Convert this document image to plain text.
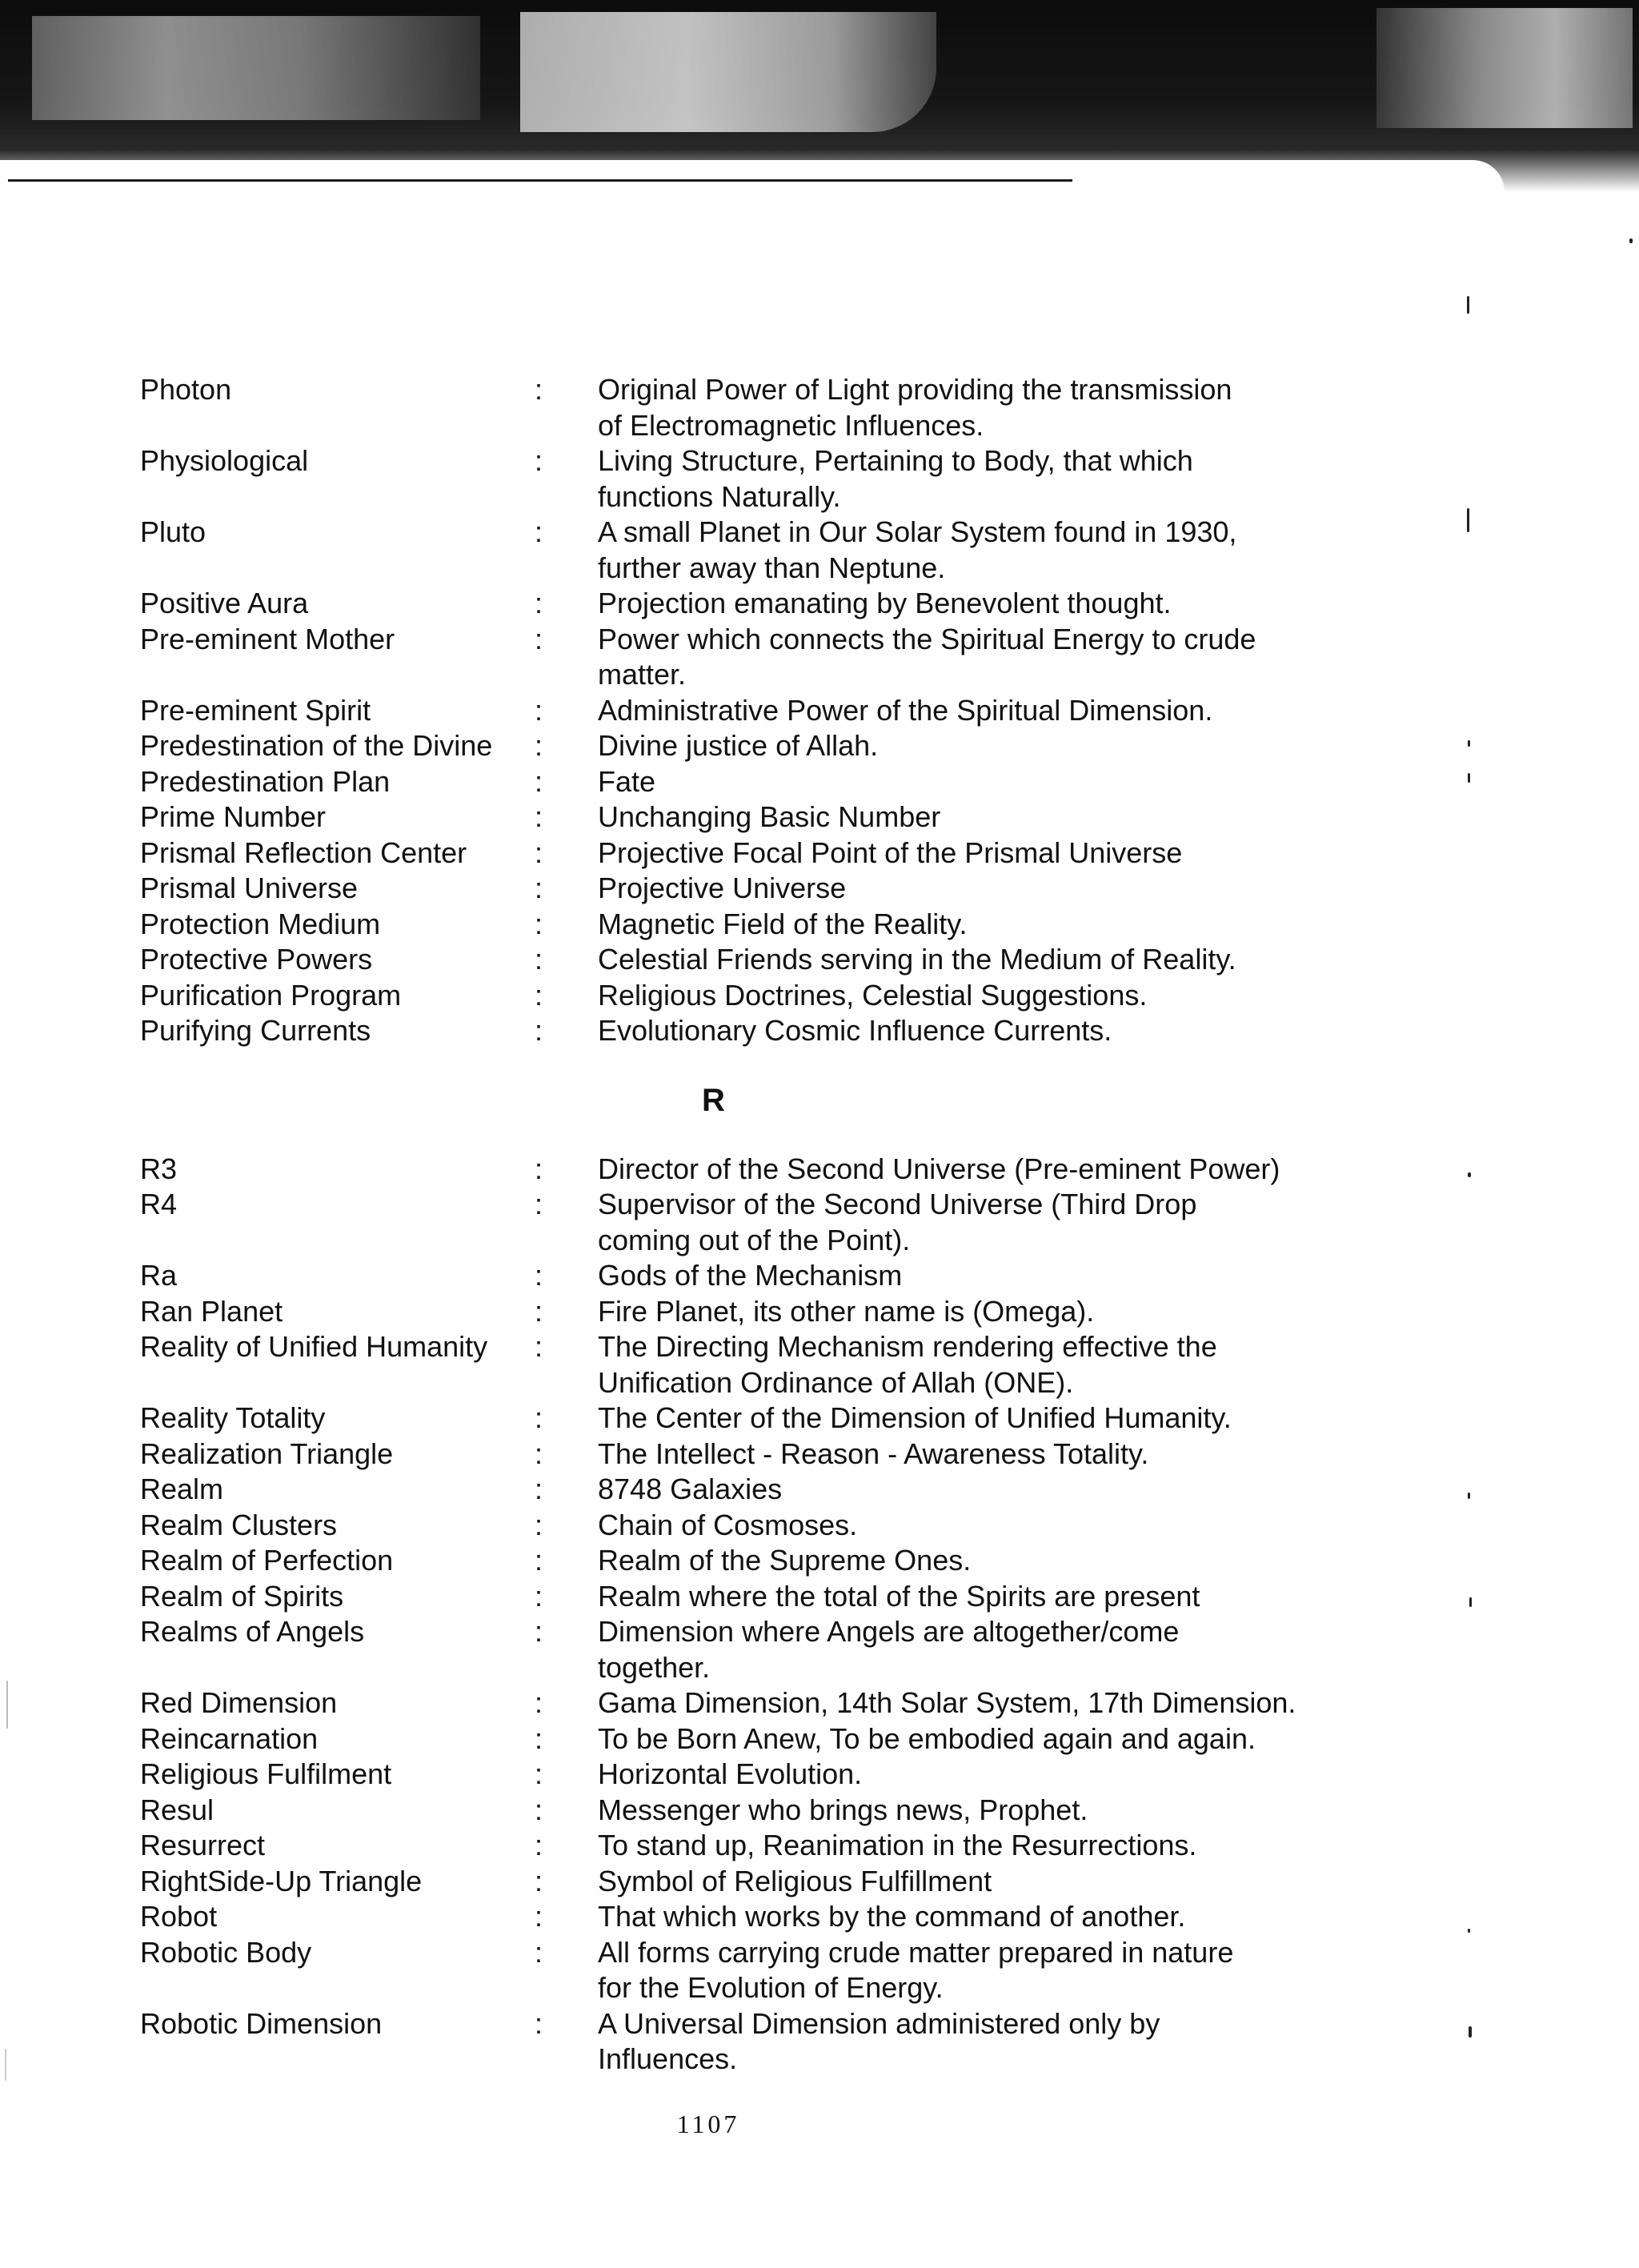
Photon	:	Original Power of Light providing the transmission
of Electromagnetic Influences.
Physiological	:	Living Structure, Pertaining to Body, that which
functions Naturally.
Pluto	:	A small Planet in Our Solar System found in 1930,
further away than Neptune.
Positive Aura	:	Projection emanating by Benevolent thought.
Pre-eminent Mother	:	Power which connects the Spiritual Energy to crude
matter.
Pre-eminent Spirit	:	Administrative Power of the Spiritual Dimension.
Predestination of the Divine	:	Divine justice of Allah.
Predestination Plan	:	Fate
Prime Number	:	Unchanging Basic Number
Prismal Reflection Center	:	Projective Focal Point of the Prismal Universe
Prismal Universe	:	Projective Universe
Protection Medium	:	Magnetic Field of the Reality.
Protective Powers	:	Celestial Friends serving in the Medium of Reality.
Purification Program	:	Religious Doctrines, Celestial Suggestions.
Purifying Currents	:	Evolutionary Cosmic Influence Currents.
R
R3	:	Director of the Second Universe (Pre-eminent Power)
R4	:	Supervisor of the Second Universe (Third Drop
coming out of the Point).
Ra	:	Gods of the Mechanism
Ran Planet	:	Fire Planet, its other name is (Omega).
Reality of Unified Humanity	:	The Directing Mechanism rendering effective the
Unification Ordinance of Allah (ONE).
Reality Totality	:	The Center of the Dimension of Unified Humanity.
Realization Triangle	:	The Intellect - Reason - Awareness Totality.
Realm	:	8748 Galaxies
Realm Clusters	:	Chain of Cosmoses.
Realm of Perfection	:	Realm of the Supreme Ones.
Realm of Spirits	:	Realm where the total of the Spirits are present
Realms of Angels	:	Dimension where Angels are altogether/come
together.
Red Dimension	:	Gama Dimension, 14th Solar System, 17th Dimension.
Reincarnation	:	To be Born Anew, To be embodied again and again.
Religious Fulfilment	:	Horizontal Evolution.
Resul	:	Messenger who brings news, Prophet.
Resurrect	:	To stand up, Reanimation in the Resurrections.
RightSide-Up Triangle	:	Symbol of Religious Fulfillment
Robot	:	That which works by the command of another.
Robotic Body	:	All forms carrying crude matter prepared in nature
for the Evolution of Energy.
Robotic Dimension	:	A Universal Dimension administered only by
Influences.
1107
